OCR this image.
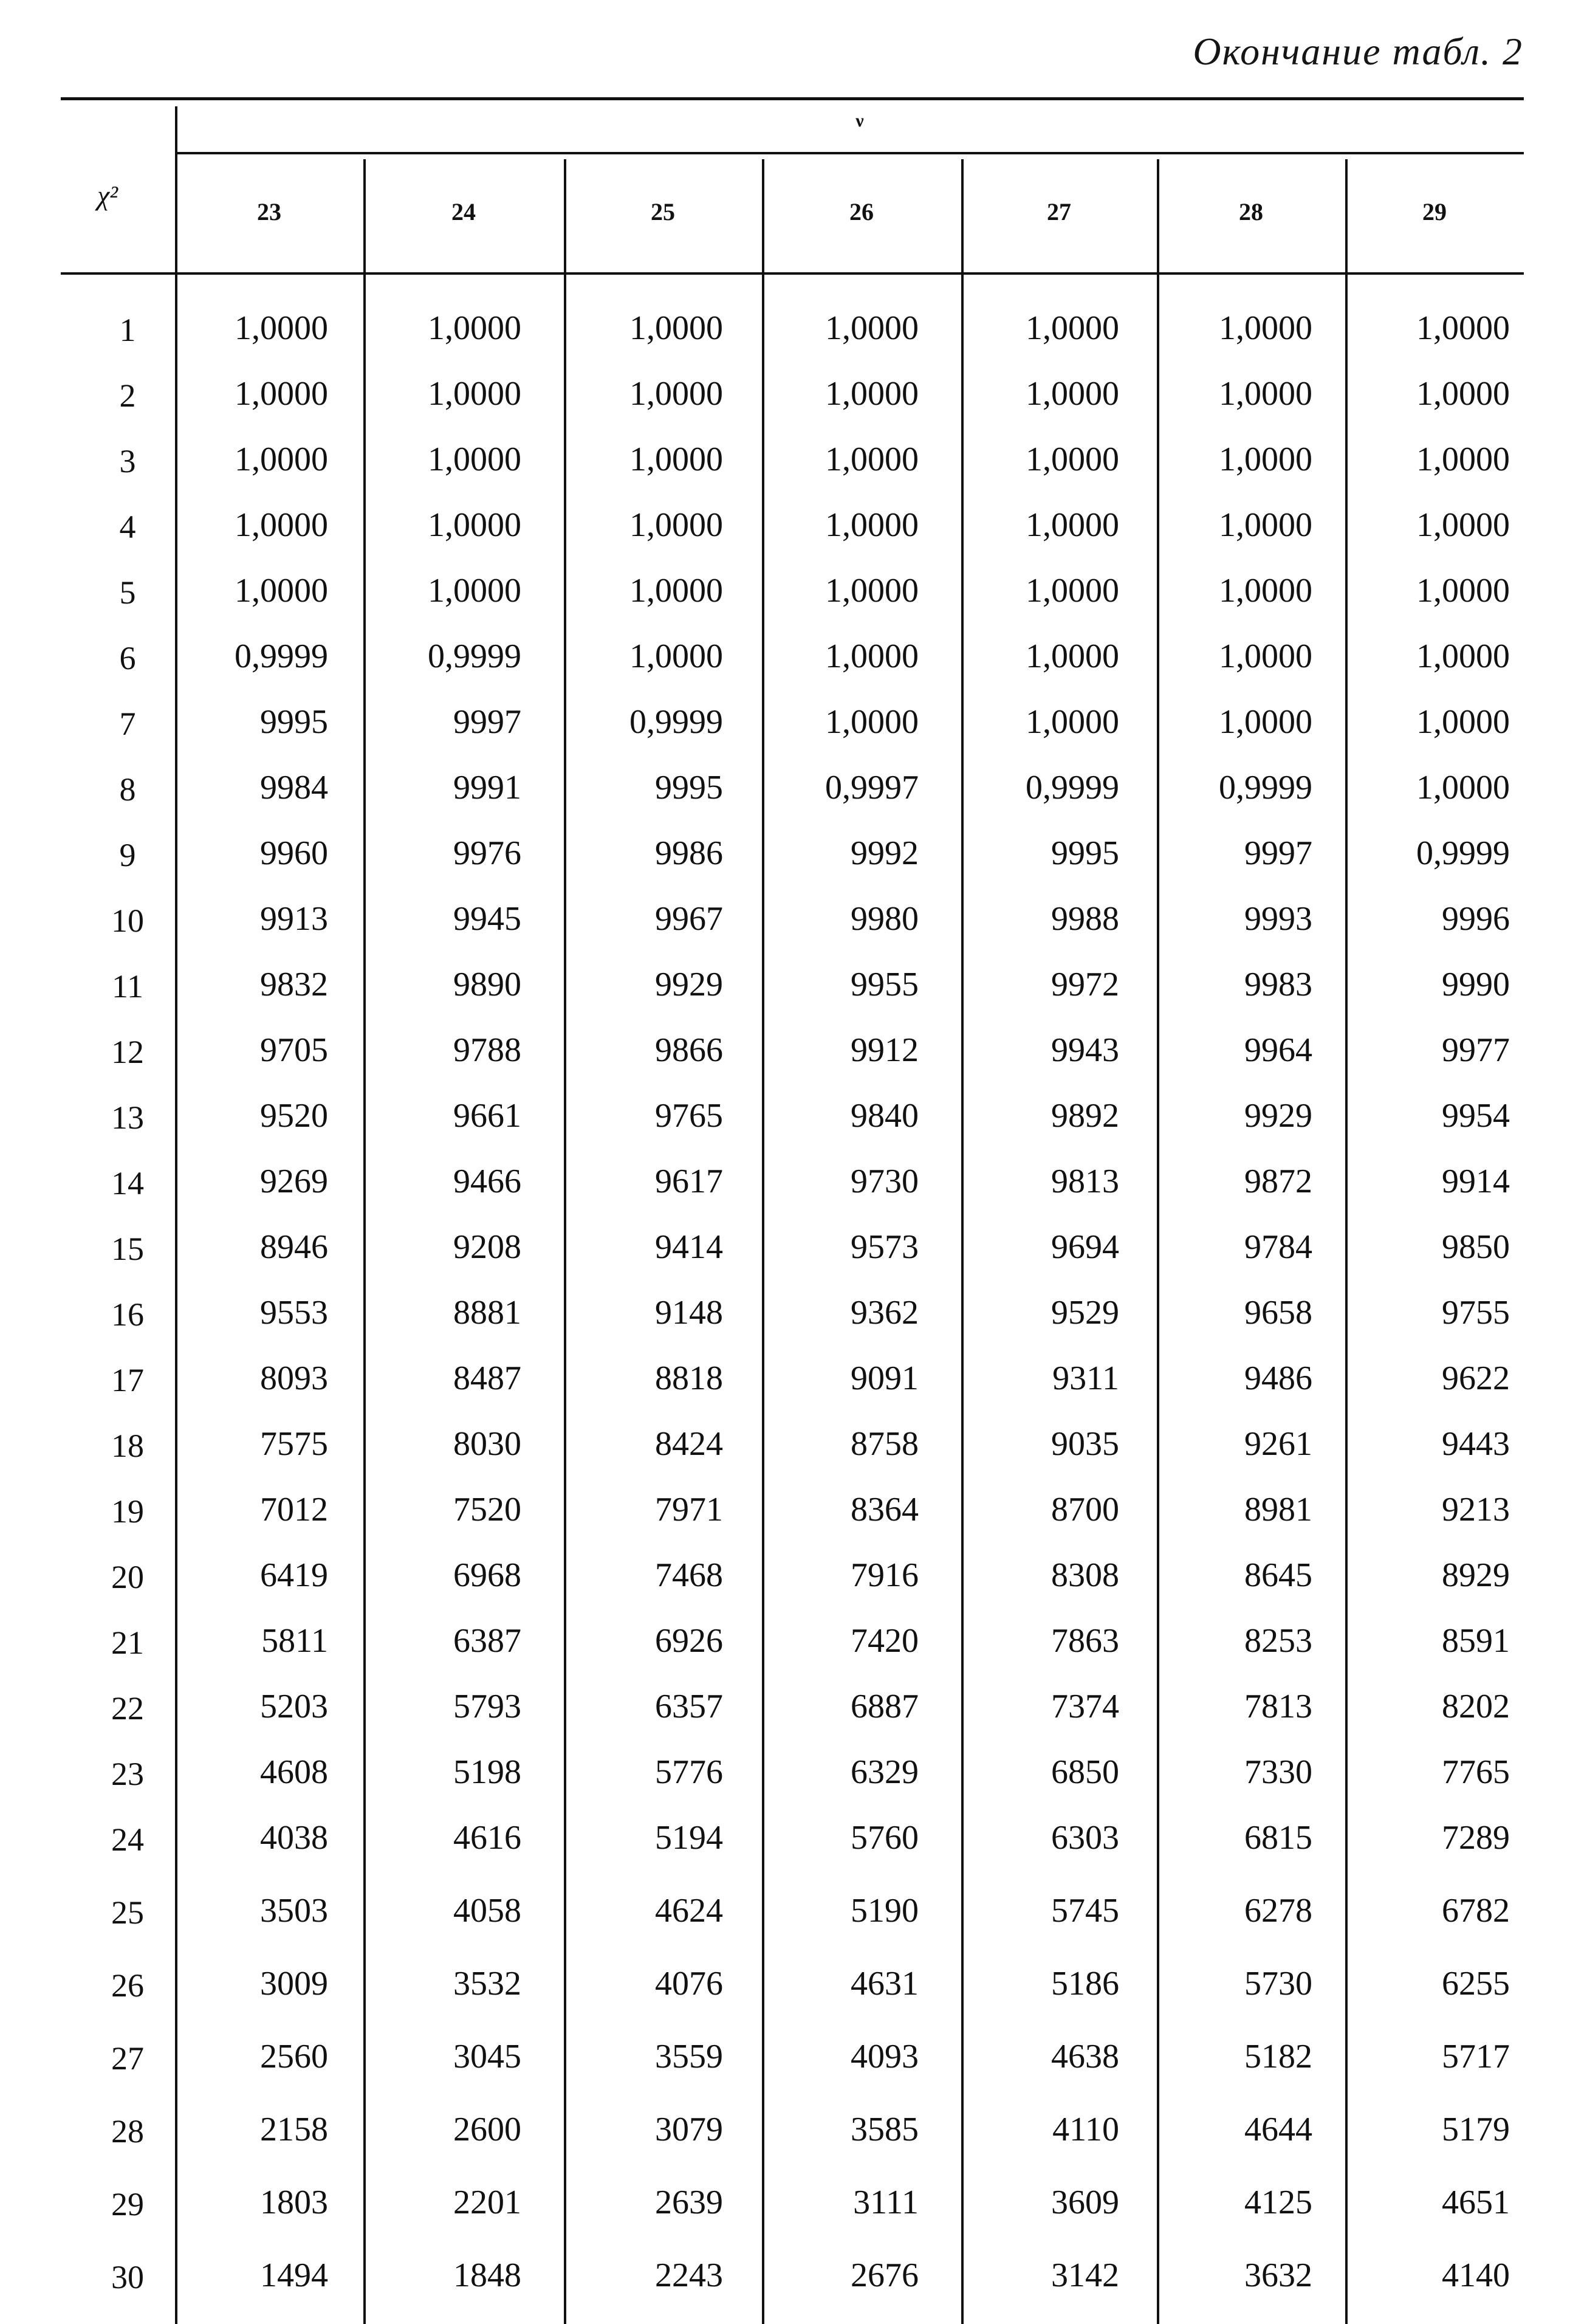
Окончание табл. 2
χ²
ν
23	24	25	26	27	28	29
1	1,0000	1,0000	1,0000	1,0000	1,0000	1,0000	1,0000
2	1,0000	1,0000	1,0000	1,0000	1,0000	1,0000	1,0000
3	1,0000	1,0000	1,0000	1,0000	1,0000	1,0000	1,0000
4	1,0000	1,0000	1,0000	1,0000	1,0000	1,0000	1,0000
5	1,0000	1,0000	1,0000	1,0000	1,0000	1,0000	1,0000
6	0,9999	0,9999	1,0000	1,0000	1,0000	1,0000	1,0000
7	9995	9997	0,9999	1,0000	1,0000	1,0000	1,0000
8	9984	9991	9995	0,9997	0,9999	0,9999	1,0000
9	9960	9976	9986	9992	9995	9997	0,9999
10	9913	9945	9967	9980	9988	9993	9996
11	9832	9890	9929	9955	9972	9983	9990
12	9705	9788	9866	9912	9943	9964	9977
13	9520	9661	9765	9840	9892	9929	9954
14	9269	9466	9617	9730	9813	9872	9914
15	8946	9208	9414	9573	9694	9784	9850
16	9553	8881	9148	9362	9529	9658	9755
17	8093	8487	8818	9091	9311	9486	9622
18	7575	8030	8424	8758	9035	9261	9443
19	7012	7520	7971	8364	8700	8981	9213
20	6419	6968	7468	7916	8308	8645	8929
21	5811	6387	6926	7420	7863	8253	8591
22	5203	5793	6357	6887	7374	7813	8202
23	4608	5198	5776	6329	6850	7330	7765
24	4038	4616	5194	5760	6303	6815	7289
25	3503	4058	4624	5190	5745	6278	6782
26	3009	3532	4076	4631	5186	5730	6255
27	2560	3045	3559	4093	4638	5182	5717
28	2158	2600	3079	3585	4110	4644	5179
29	1803	2201	2639	3111	3609	4125	4651
30	1494	1848	2243	2676	3142	3632	4140
